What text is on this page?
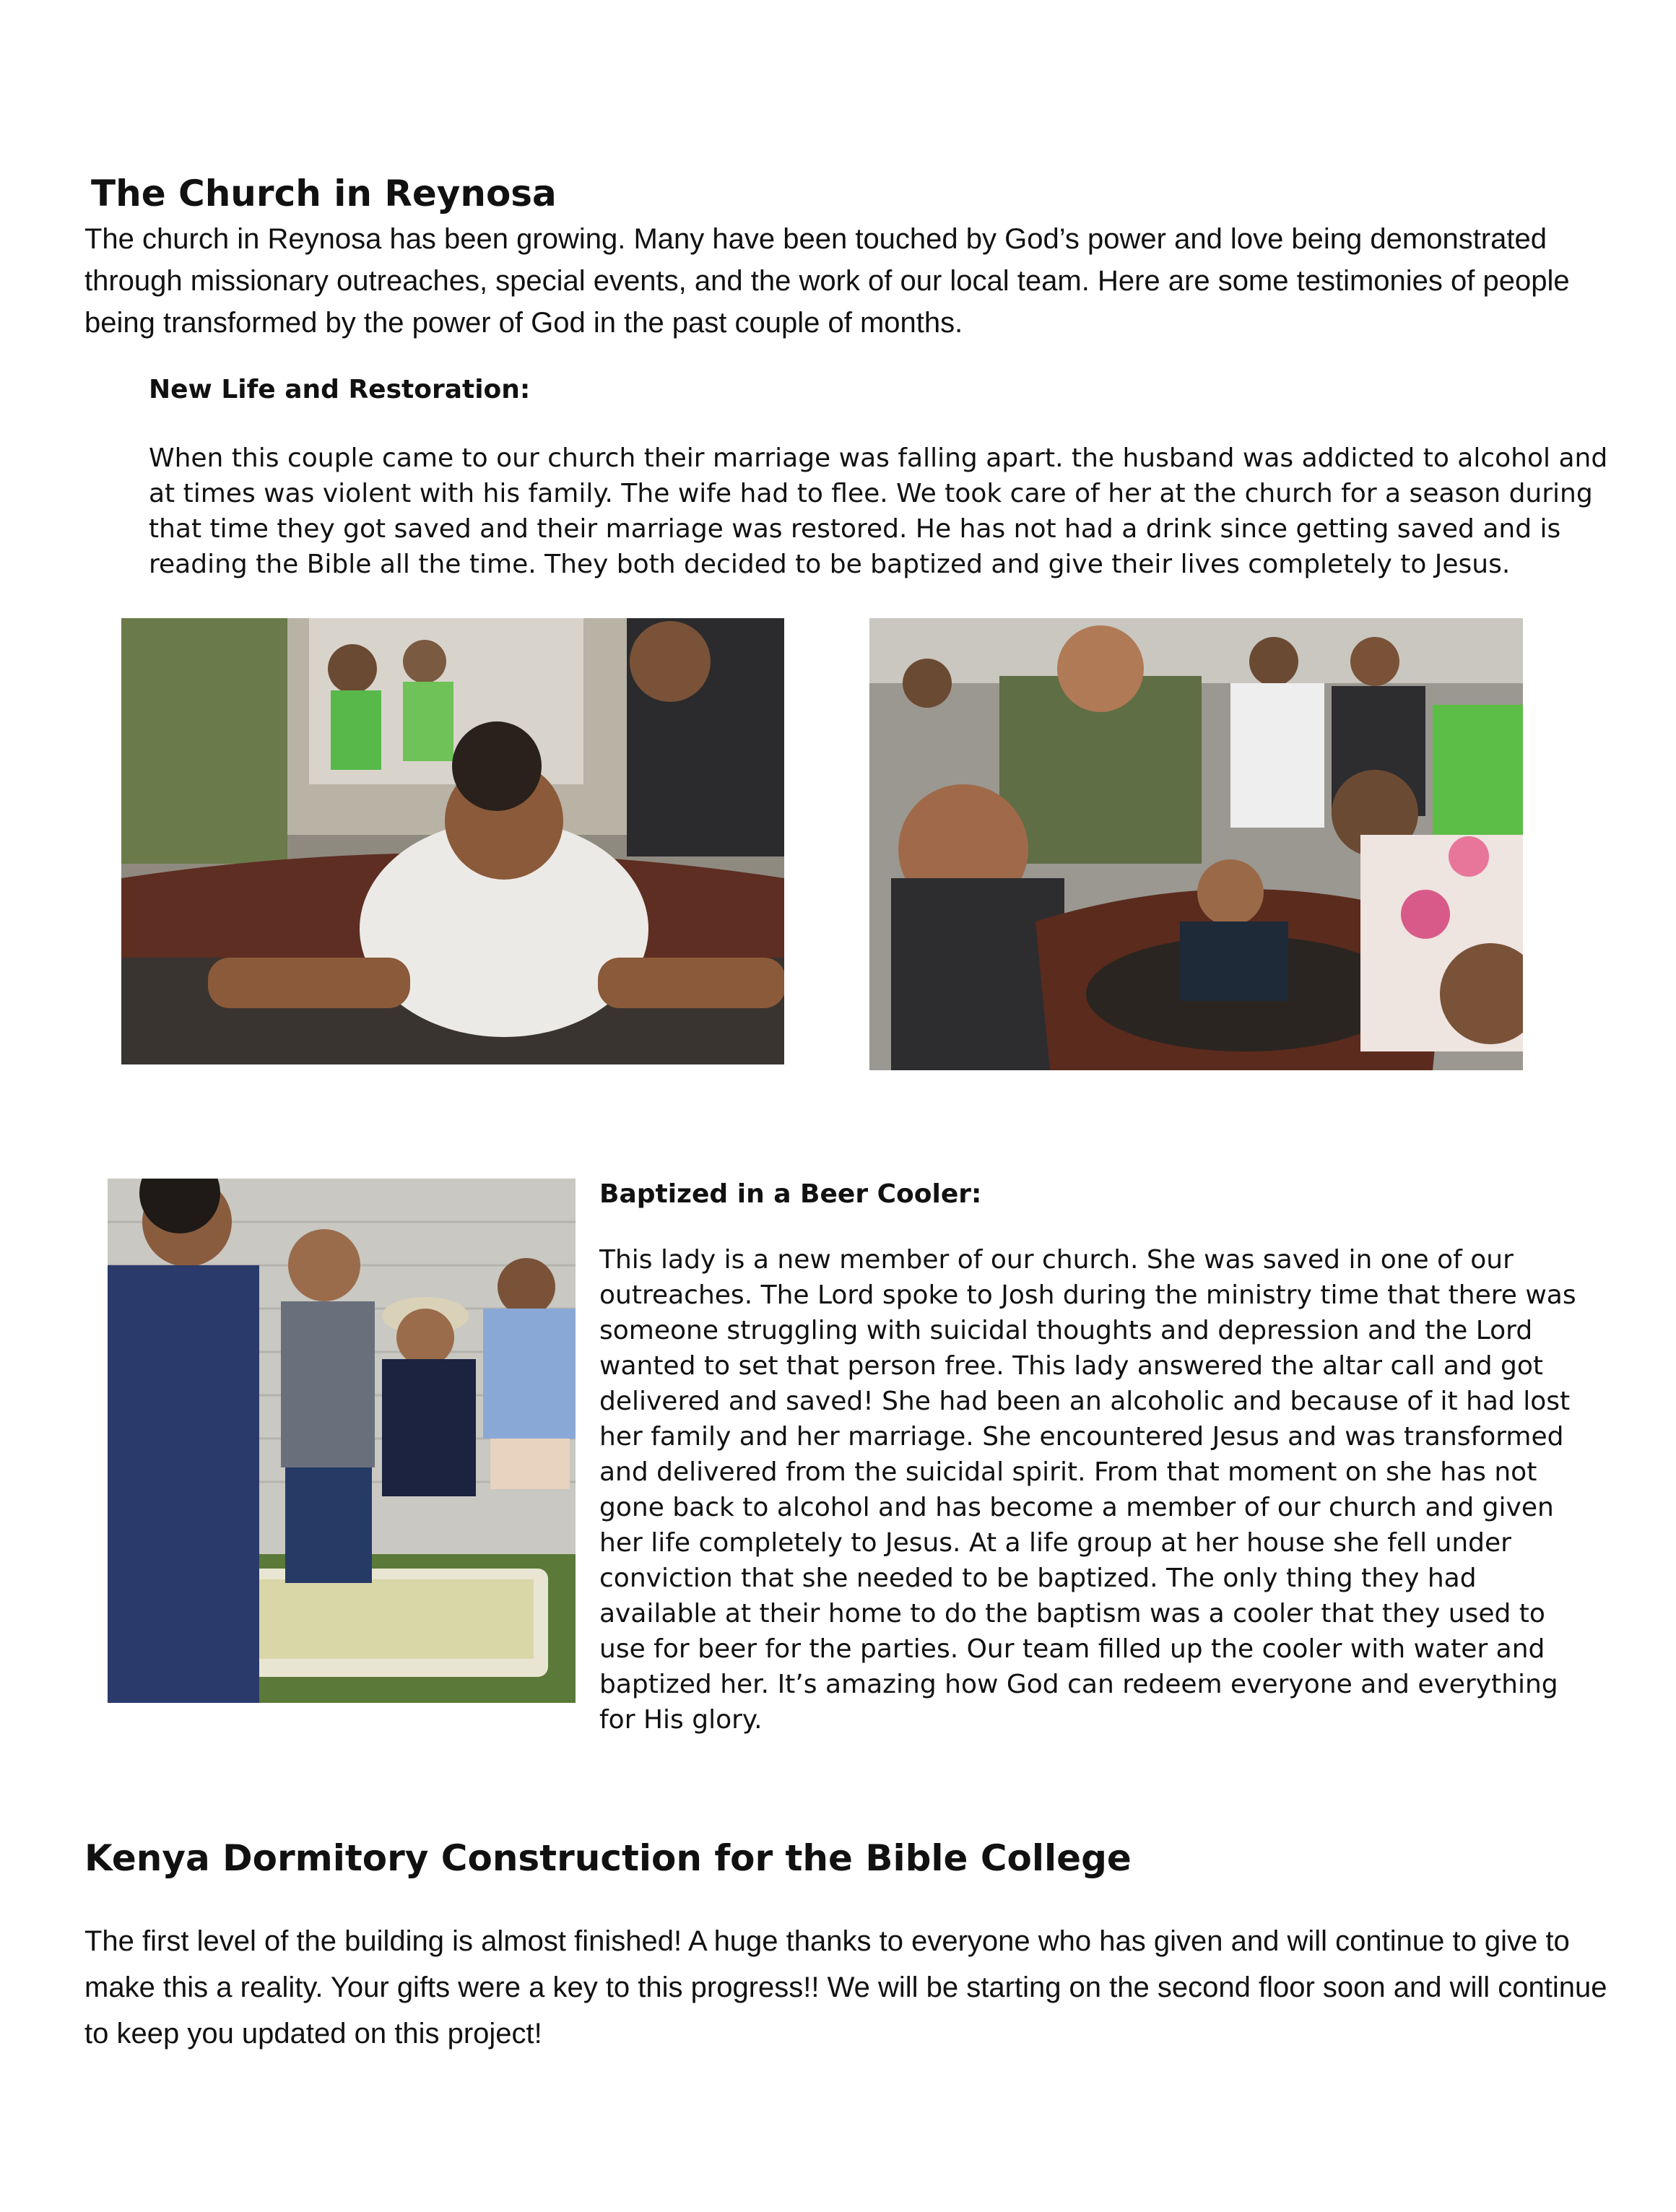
The Church in Reynosa
The church in Reynosa has been growing. Many have been touched by God’s power and love being demonstrated through missionary outreaches, special events, and the work of our local team. Here are some testimonies of people being transformed by the power of God in the past couple of months.
New Life and Restoration:
When this couple came to our church their marriage was falling apart. the husband was addicted to alcohol and at times was violent with his family. The wife had to flee. We took care of her at the church for a season during that time they got saved and their marriage was restored. He has not had a drink since getting saved and is reading the Bible all the time. They both decided to be baptized and give their lives completely to Jesus.
Baptized in a Beer Cooler:
This lady is a new member of our church. She was saved in one of our outreaches. The Lord spoke to Josh during the ministry time that there was someone struggling with suicidal thoughts and depression and the Lord wanted to set that person free. This lady answered the altar call and got delivered and saved! She had been an alcoholic and because of it had lost her family and her marriage. She encountered Jesus and was transformed and delivered from the suicidal spirit. From that moment on she has not gone back to alcohol and has become a member of our church and given her life completely to Jesus. At a life group at her house she fell under conviction that she needed to be baptized. The only thing they had available at their home to do the baptism was a cooler that they used to use for beer for the parties. Our team filled up the cooler with water and baptized her. It’s amazing how God can redeem everyone and everything for His glory.
Kenya Dormitory Construction for the Bible College
The first level of the building is almost finished! A huge thanks to everyone who has given and will continue to give to make this a reality. Your gifts were a key to this progress!! We will be starting on the second floor soon and will continue to keep you updated on this project!
